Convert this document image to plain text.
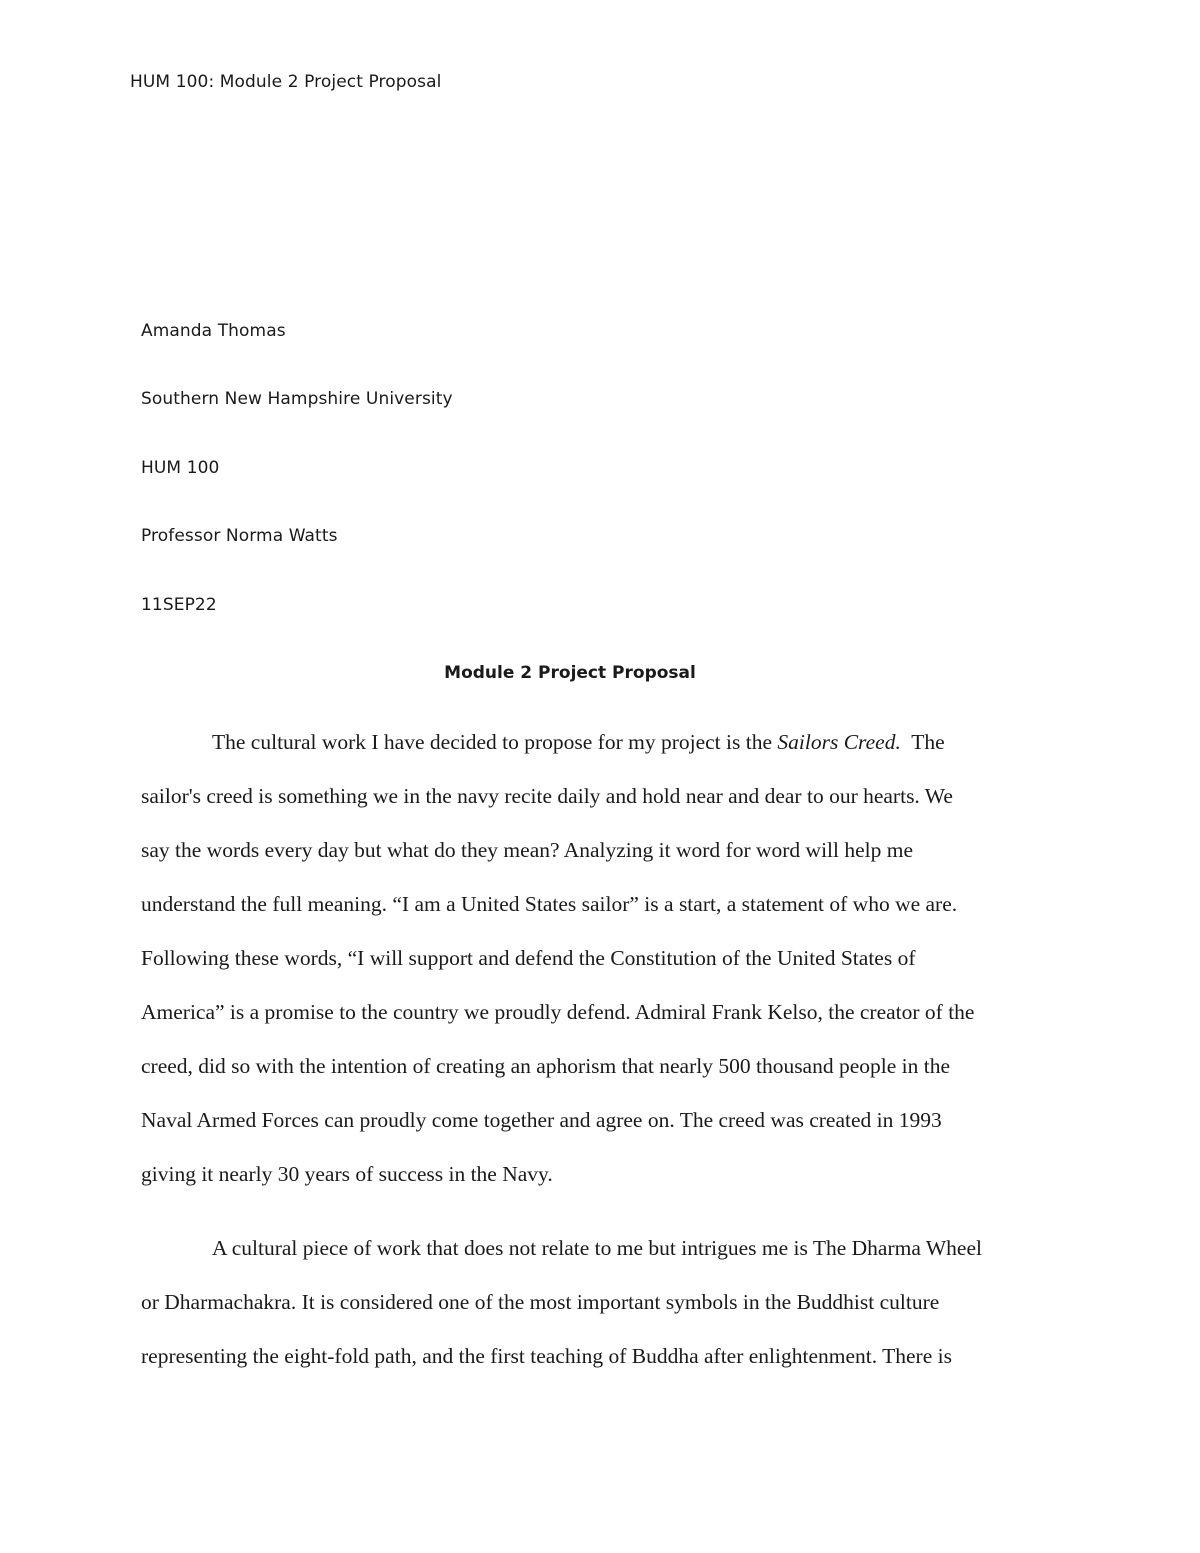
HUM 100: Module 2 Project Proposal
Amanda Thomas
Southern New Hampshire University
HUM 100
Professor Norma Watts
11SEP22
Module 2 Project Proposal
The cultural work I have decided to propose for my project is the Sailors Creed.  The
sailor's creed is something we in the navy recite daily and hold near and dear to our hearts. We
say the words every day but what do they mean? Analyzing it word for word will help me
understand the full meaning. “I am a United States sailor” is a start, a statement of who we are.
Following these words, “I will support and defend the Constitution of the United States of
America” is a promise to the country we proudly defend. Admiral Frank Kelso, the creator of the
creed, did so with the intention of creating an aphorism that nearly 500 thousand people in the
Naval Armed Forces can proudly come together and agree on. The creed was created in 1993
giving it nearly 30 years of success in the Navy.
A cultural piece of work that does not relate to me but intrigues me is The Dharma Wheel
or Dharmachakra. It is considered one of the most important symbols in the Buddhist culture
representing the eight-fold path, and the first teaching of Buddha after enlightenment. There is
